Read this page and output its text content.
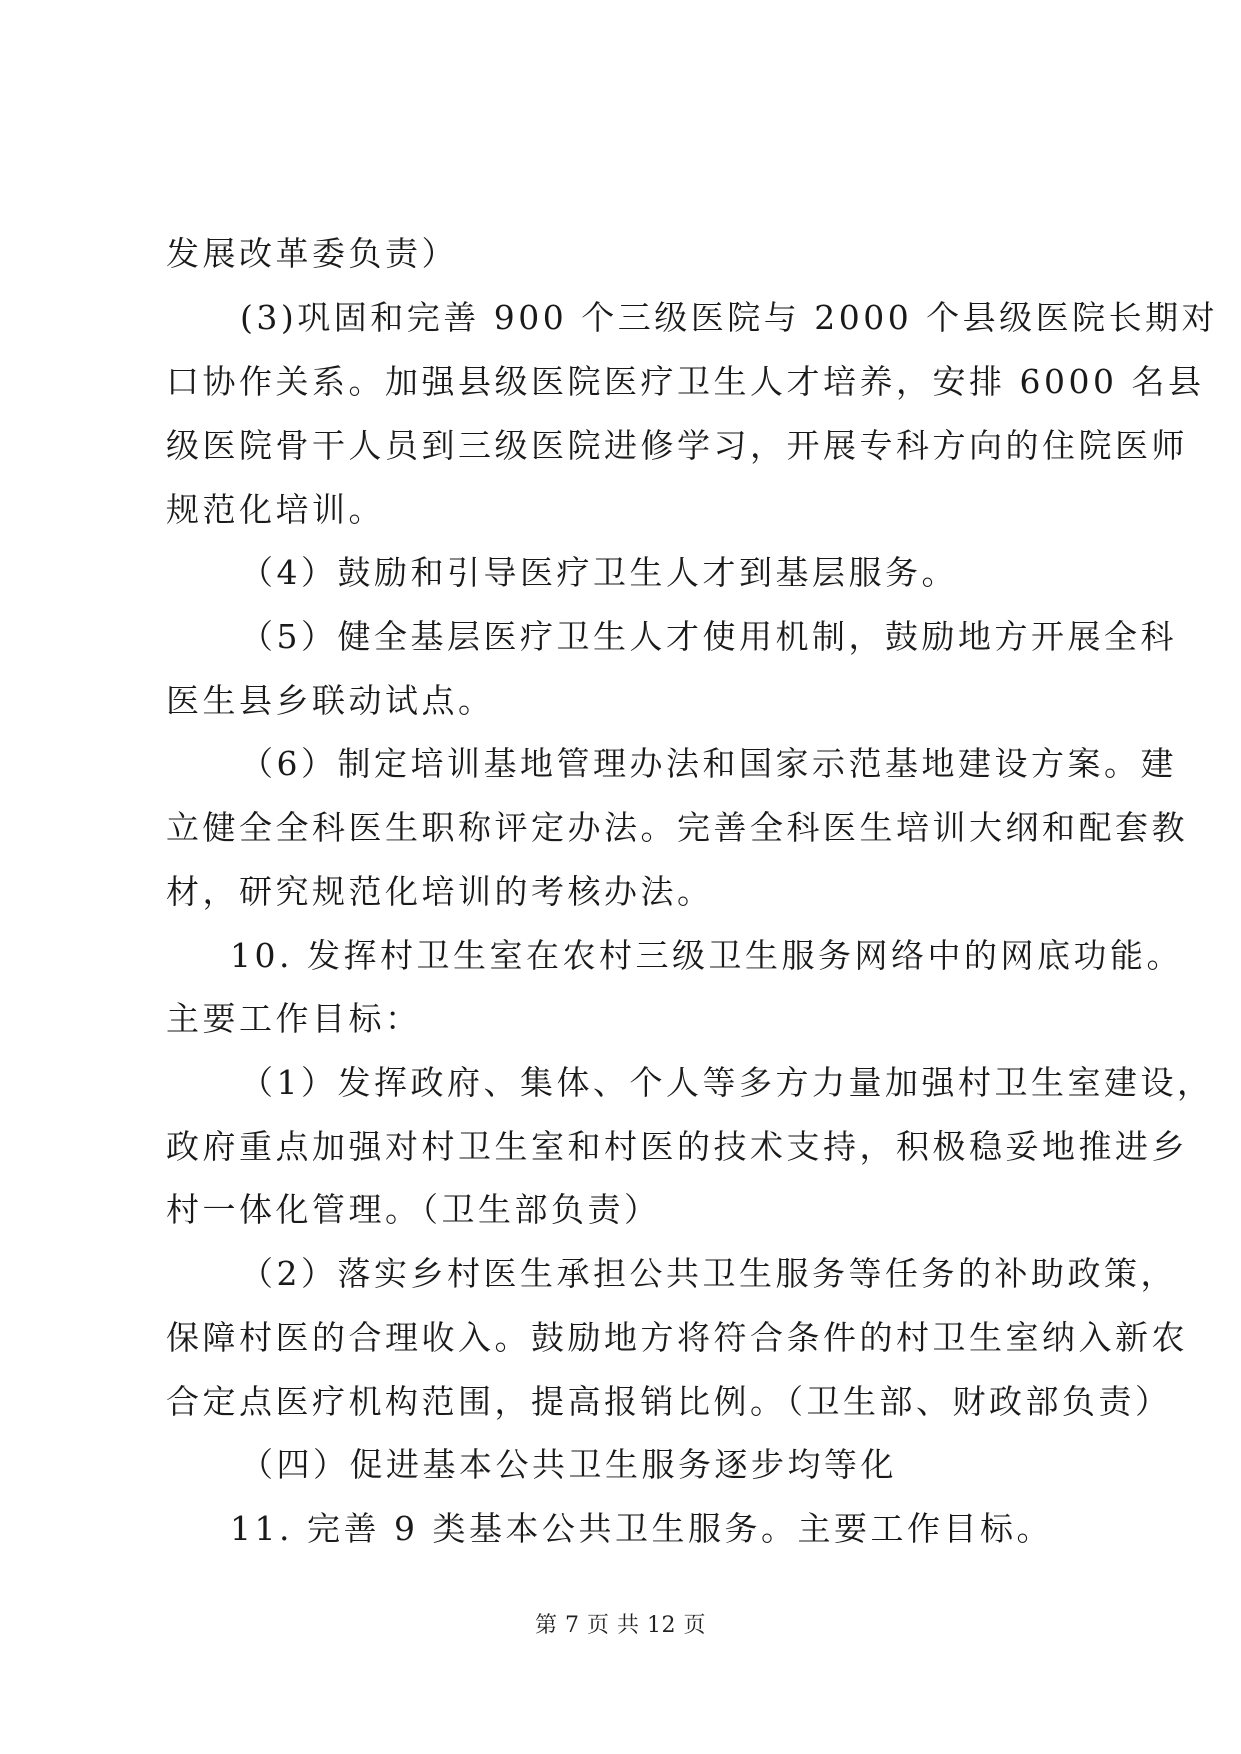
发展改革委负责）
(3)巩固和完善 900 个三级医院与 2000 个县级医院长期对
口协作关系。加强县级医院医疗卫生人才培养，安排 6000 名县
级医院骨干人员到三级医院进修学习，开展专科方向的住院医师
规范化培训。
（4）鼓励和引导医疗卫生人才到基层服务。
（5）健全基层医疗卫生人才使用机制，鼓励地方开展全科
医生县乡联动试点。
（6）制定培训基地管理办法和国家示范基地建设方案。建
立健全全科医生职称评定办法。完善全科医生培训大纲和配套教
材，研究规范化培训的考核办法。
10. 发挥村卫生室在农村三级卫生服务网络中的网底功能。
主要工作目标：
（1）发挥政府、集体、个人等多方力量加强村卫生室建设，
政府重点加强对村卫生室和村医的技术支持，积极稳妥地推进乡
村一体化管理。（卫生部负责）
（2）落实乡村医生承担公共卫生服务等任务的补助政策，
保障村医的合理收入。鼓励地方将符合条件的村卫生室纳入新农
合定点医疗机构范围，提高报销比例。（卫生部、财政部负责）
（四）促进基本公共卫生服务逐步均等化
11. 完善 9 类基本公共卫生服务。主要工作目标。
第 7 页 共 12 页
